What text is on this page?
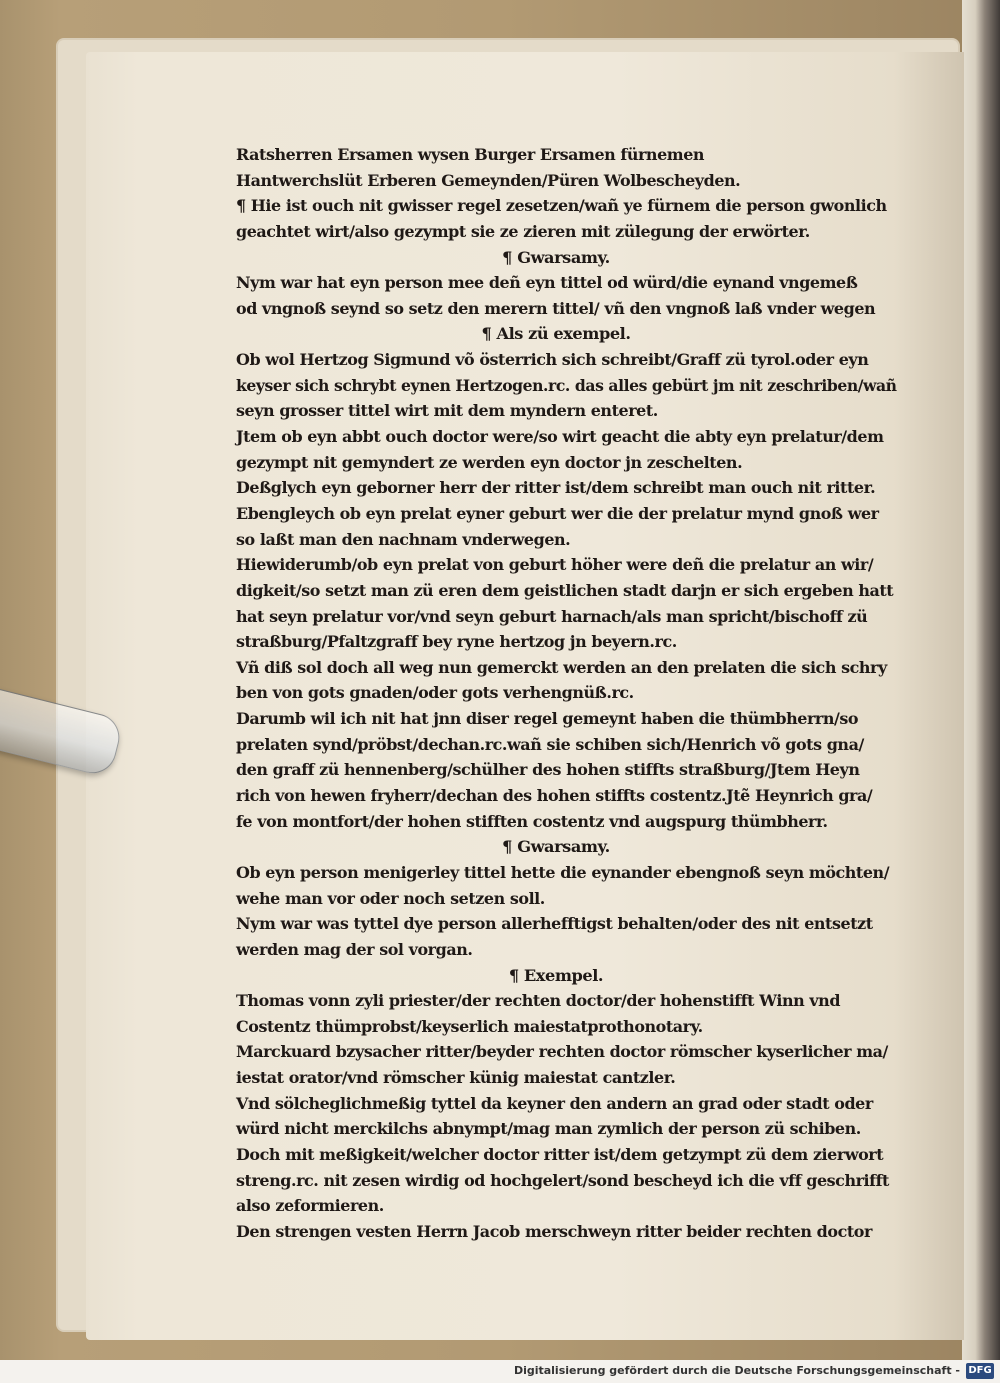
Ratsherren Ersamen wysen Burger Ersamen fürnemen
Hantwerchslüt Erberen Gemeynden/Püren Wolbescheyden.
¶ Hie ist ouch nit gwisser regel zesetzen/wañ ye fürnem die person gwonlich
geachtet wirt/also gezympt sie ze zieren mit zülegung der erwörter.
¶ Gwarsamy.
Nym war hat eyn person mee deñ eyn tittel od würd/die eynand vngemeß
od vngnoß seynd so setz den merern tittel/ vñ den vngnoß laß vnder wegen
¶ Als zü exempel.
Ob wol Hertzog Sigmund võ österrich sich schreibt/Graff zü tyrol.oder eyn
keyser sich schrybt eynen Hertzogen.rc. das alles gebürt jm nit zeschriben/wañ
seyn grosser tittel wirt mit dem myndern enteret.
Jtem ob eyn abbt ouch doctor were/so wirt geacht die abty eyn prelatur/dem
gezympt nit gemyndert ze werden eyn doctor jn zeschelten.
Deßglych eyn geborner herr der ritter ist/dem schreibt man ouch nit ritter.
Ebengleych ob eyn prelat eyner geburt wer die der prelatur mynd gnoß wer
so laßt man den nachnam vnderwegen.
Hiewiderumb/ob eyn prelat von geburt höher were deñ die prelatur an wir/
digkeit/so setzt man zü eren dem geistlichen stadt darjn er sich ergeben hatt
hat seyn prelatur vor/vnd seyn geburt harnach/als man spricht/bischoff zü
straßburg/Pfaltzgraff bey ryne hertzog jn beyern.rc.
Vñ diß sol doch all weg nun gemerckt werden an den prelaten die sich schry
ben von gots gnaden/oder gots verhengnüß.rc.
Darumb wil ich nit hat jnn diser regel gemeynt haben die thümbherrn/so
prelaten synd/pröbst/dechan.rc.wañ sie schiben sich/Henrich võ gots gna/
den graff zü hennenberg/schülher des hohen stiffts straßburg/Jtem Heyn
rich von hewen fryherr/dechan des hohen stiffts costentz.Jtẽ Heynrich gra/
fe von montfort/der hohen stifften costentz vnd augspurg thümbherr.
¶ Gwarsamy.
Ob eyn person menigerley tittel hette die eynander ebengnoß seyn möchten/
wehe man vor oder noch setzen soll.
Nym war was tyttel dye person allerhefftigst behalten/oder des nit entsetzt
werden mag der sol vorgan.
¶ Exempel.
Thomas vonn zyli priester/der rechten doctor/der hohenstifft Winn vnd
Costentz thümprobst/keyserlich maiestatprothonotary.
Marckuard bzysacher ritter/beyder rechten doctor römscher kyserlicher ma/
iestat orator/vnd römscher künig maiestat cantzler.
Vnd sölcheglichmeßig tyttel da keyner den andern an grad oder stadt oder
würd nicht merckilchs abnympt/mag man zymlich der person zü schiben.
Doch mit meßigkeit/welcher doctor ritter ist/dem getzympt zü dem zierwort
streng.rc. nit zesen wirdig od hochgelert/sond bescheyd ich die vff geschrifft
also zeformieren.
Den strengen vesten Herrn Jacob merschweyn ritter beider rechten doctor
Digitalisierung gefördert durch die Deutsche Forschungsgemeinschaft - DFG
